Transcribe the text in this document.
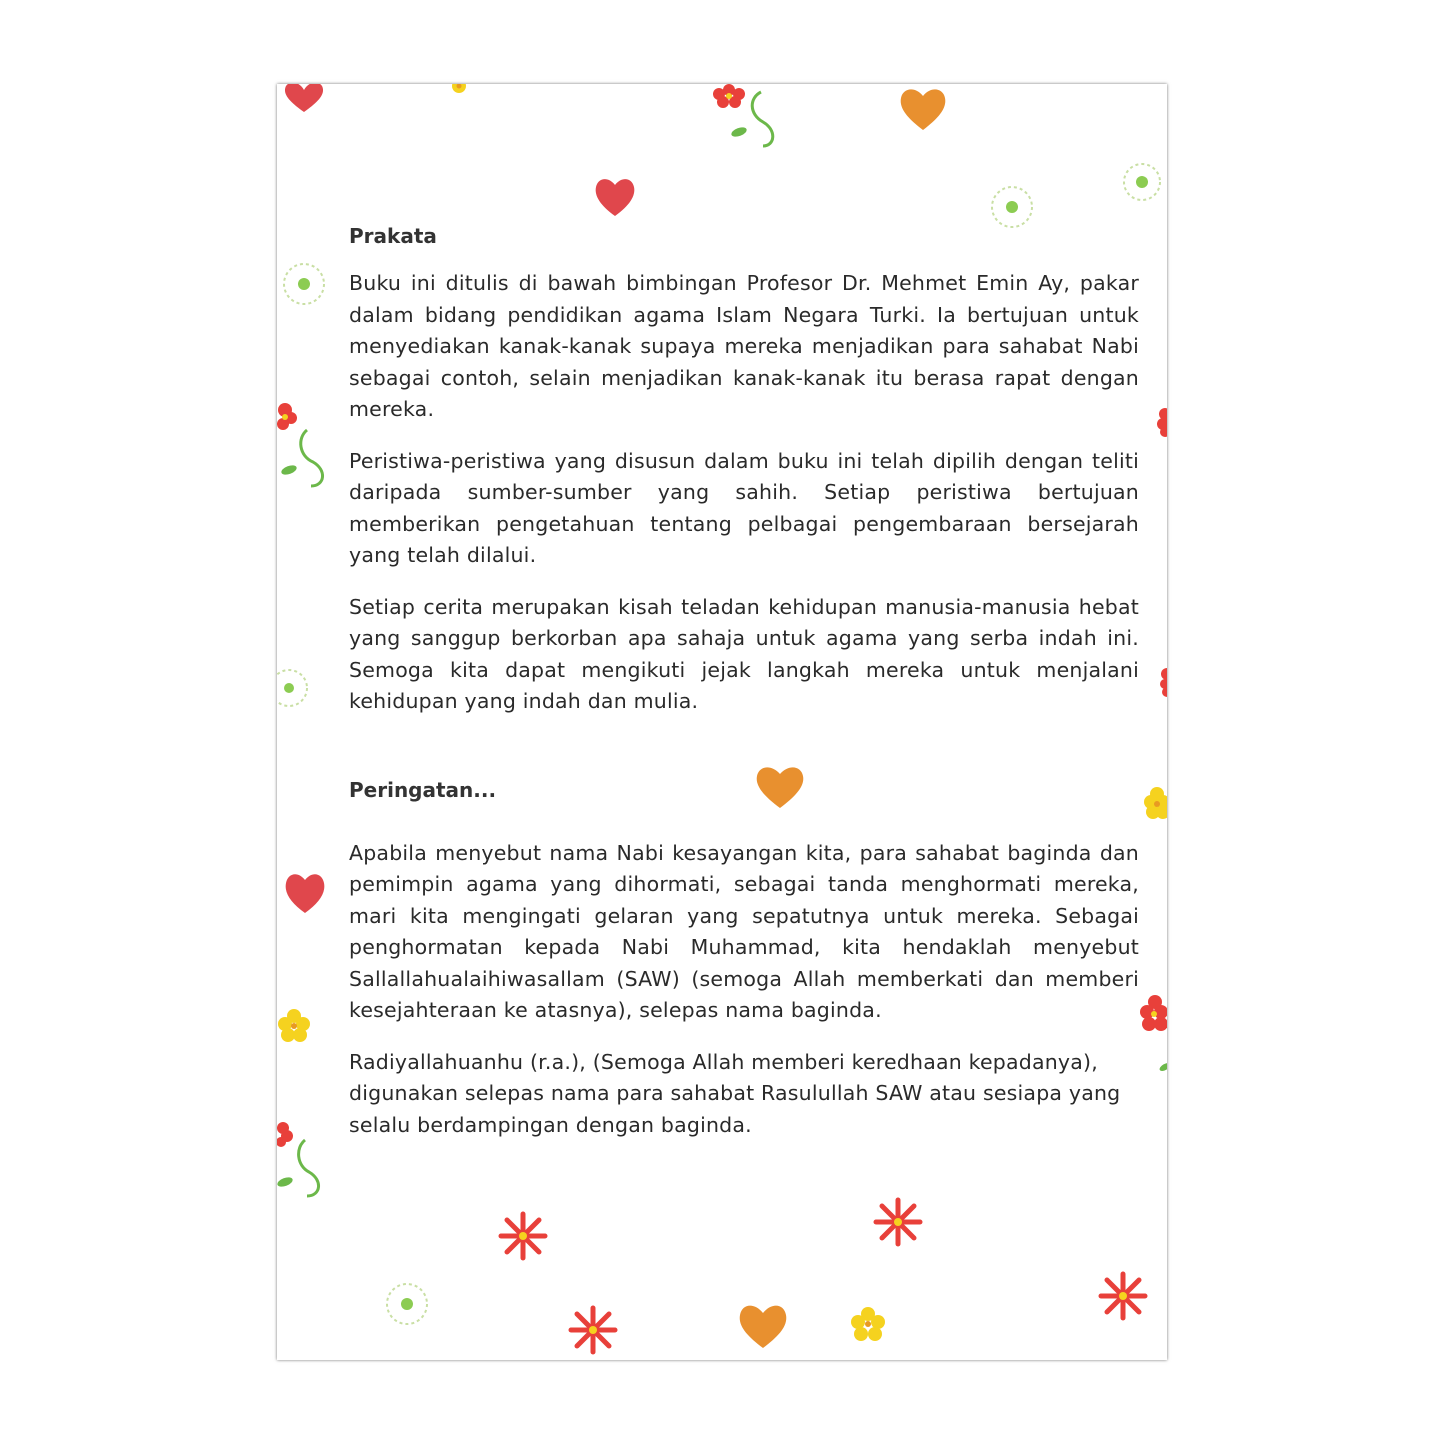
Prakata

Buku ini ditulis di bawah bimbingan Profesor Dr. Mehmet Emin Ay, pakar dalam bidang pendidikan agama Islam Negara Turki. Ia bertujuan untuk menyediakan kanak-kanak supaya mereka menjadikan para sahabat Nabi sebagai contoh, selain menjadikan kanak-kanak itu berasa rapat dengan mereka.

Peristiwa-peristiwa yang disusun dalam buku ini telah dipilih dengan teliti daripada sumber-sumber yang sahih. Setiap peristiwa bertujuan memberikan pengetahuan tentang pelbagai pengembaraan bersejarah yang telah dilalui.

Setiap cerita merupakan kisah teladan kehidupan manusia-manusia hebat yang sanggup berkorban apa sahaja untuk agama yang serba indah ini. Semoga kita dapat mengikuti jejak langkah mereka untuk menjalani kehidupan yang indah dan mulia.

Peringatan...

Apabila menyebut nama Nabi kesayangan kita, para sahabat baginda dan pemimpin agama yang dihormati, sebagai tanda menghormati mereka, mari kita mengingati gelaran yang sepatutnya untuk mereka. Sebagai penghormatan kepada Nabi Muhammad, kita hendaklah menyebut Sallallahualaihiwasallam (SAW) (semoga Allah memberkati dan memberi kesejahteraan ke atasnya), selepas nama baginda.

Radiyallahuanhu (r.a.), (Semoga Allah memberi keredhaan kepadanya), digunakan selepas nama para sahabat Rasulullah SAW atau sesiapa yang selalu berdampingan dengan baginda.
